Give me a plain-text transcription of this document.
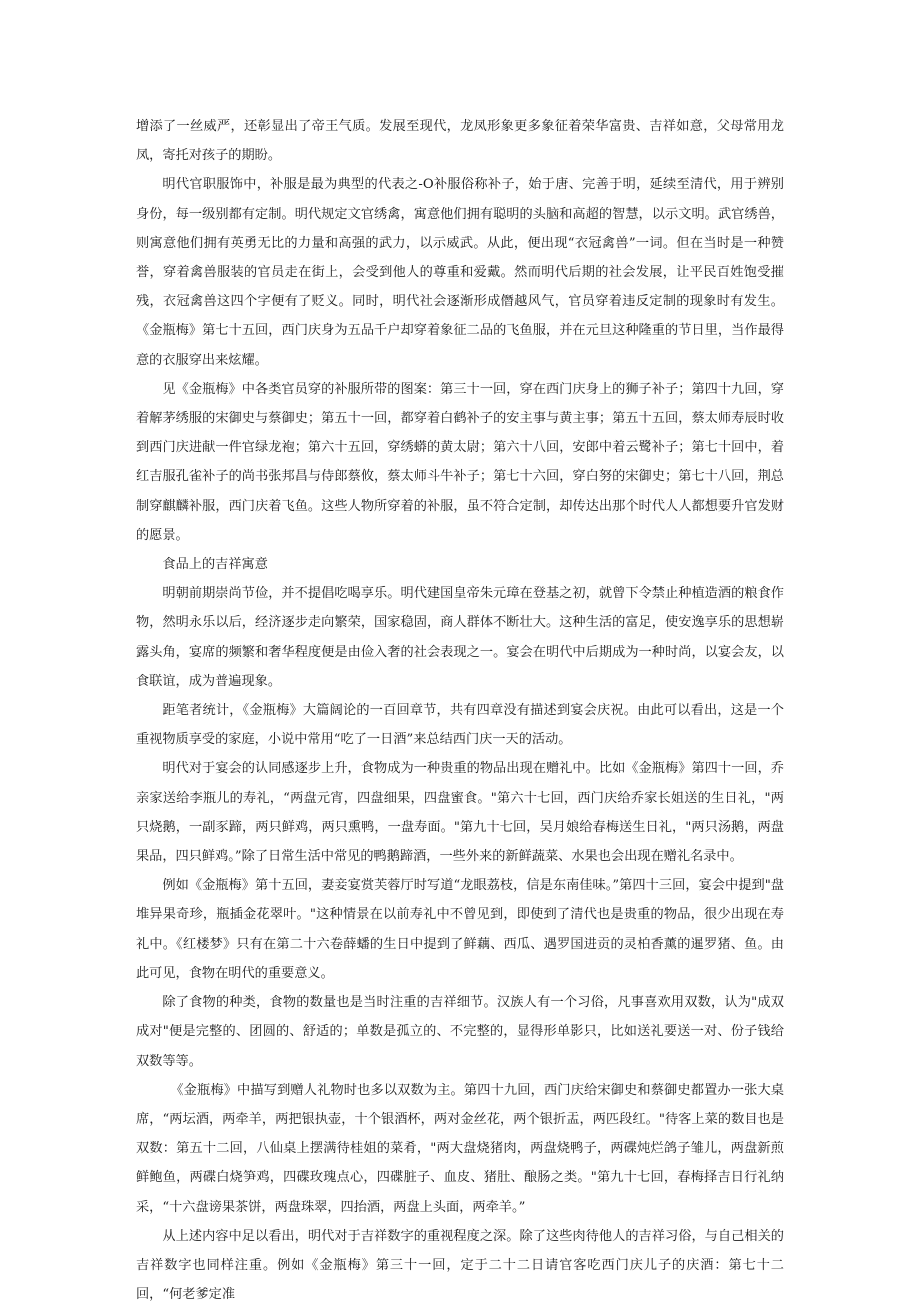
增添了一丝威严，还彰显出了帝王气质。发展至现代，龙凤形象更多象征着荣华富贵、吉祥如意，父母常用龙凤，寄托对孩子的期盼。

明代官职服饰中，补服是最为典型的代表之-O补服俗称补子，始于唐、完善于明，延续至清代，用于辨别身份，每一级别都有定制。明代规定文官绣禽，寓意他们拥有聪明的头脑和高超的智慧，以示文明。武官绣兽，则寓意他们拥有英勇无比的力量和高强的武力，以示威武。从此，便出现“衣冠禽兽”一词。但在当时是一种赞誉，穿着禽兽服装的官员走在街上，会受到他人的尊重和爱戴。然而明代后期的社会发展，让平民百姓饱受摧残，衣冠禽兽这四个字便有了贬义。同时，明代社会逐渐形成僭越风气，官员穿着违反定制的现象时有发生。《金瓶梅》第七十五回，西门庆身为五品千户却穿着象征二品的飞鱼服，并在元旦这种隆重的节日里，当作最得意的衣服穿出来炫耀。

见《金瓶梅》中各类官员穿的补服所带的图案：第三十一回，穿在西门庆身上的狮子补子；第四十九回，穿着解茅绣服的宋御史与蔡御史；第五十一回，都穿着白鹤补子的安主事与黄主事；第五十五回，蔡太师寿辰时收到西门庆进献一件官绿龙袍；第六十五回，穿绣蟒的黄太尉；第六十八回，安郎中着云鹭补子；第七十回中，着红吉服孔雀补子的尚书张邦昌与侍郎蔡攸，蔡太师斗牛补子；第七十六回，穿白努的宋御史；第七十八回，荆总制穿麒麟补服，西门庆着飞鱼。这些人物所穿着的补服，虽不符合定制，却传达出那个时代人人都想要升官发财的愿景。

食品上的吉祥寓意

明朝前期崇尚节俭，并不提倡吃喝享乐。明代建国皇帝朱元璋在登基之初，就曾下令禁止种植造酒的粮食作物，然明永乐以后，经济逐步走向繁荣，国家稳固，商人群体不断壮大。这种生活的富足，使安逸享乐的思想崭露头角，宴席的频繁和奢华程度便是由俭入奢的社会表现之一。宴会在明代中后期成为一种时尚，以宴会友，以食联谊，成为普遍现象。

距笔者统计，《金瓶梅》大篇阔论的一百回章节，共有四章没有描述到宴会庆祝。由此可以看出，这是一个重视物质享受的家庭，小说中常用“吃了一日酒”来总结西门庆一天的活动。

明代对于宴会的认同感逐步上升，食物成为一种贵重的物品出现在赠礼中。比如《金瓶梅》第四十一回，乔亲家送给李瓶儿的寿礼，“两盘元宵，四盘细果，四盘蜜食。"第六十七回，西门庆给乔家长姐送的生日礼，"两只烧鹅，一副豕蹄，两只鲜鸡，两只熏鸭，一盘寿面。"第九十七回，吴月娘给春梅送生日礼，"两只汤鹅，两盘果品，四只鲜鸡。”除了日常生活中常见的鸭鹅蹄酒，一些外来的新鲜蔬菜、水果也会出现在赠礼名录中。

例如《金瓶梅》第十五回，妻妾宴赏芙蓉厅时写道“龙眼荔枝，信是东南佳味。”第四十三回，宴会中提到"盘堆异果奇珍，瓶插金花翠叶。"这种情景在以前寿礼中不曾见到，即使到了清代也是贵重的物品，很少出现在寿礼中。《红楼梦》只有在第二十六卷薛蟠的生日中提到了鲜藕、西瓜、遇罗国进贡的灵柏香薰的暹罗猪、鱼。由此可见，食物在明代的重要意义。

除了食物的种类，食物的数量也是当时注重的吉祥细节。汉族人有一个习俗，凡事喜欢用双数，认为"成双成对"便是完整的、团圆的、舒适的；单数是孤立的、不完整的，显得形单影只，比如送礼要送一对、份子钱给双数等等。

《金瓶梅》中描写到赠人礼物时也多以双数为主。第四十九回，西门庆给宋御史和蔡御史都置办一张大桌席，“两坛酒，两牵羊，两把银执壶，十个银酒杯，两对金丝花，两个银折盂，两匹段红。"待客上菜的数目也是双数：第五十二回，八仙桌上摆满待桂姐的菜肴，"两大盘烧猪肉，两盘烧鸭子，两碟炖烂鸽子雏儿，两盘新煎鲜鲍鱼，两碟白烧笋鸡，四碟玫瑰点心，四碟脏子、血皮、猪肚、酿肠之类。"第九十七回，春梅择吉日行礼纳采，“十六盘谤果茶饼，两盘珠翠，四抬酒，两盘上头面，两牵羊。”

从上述内容中足以看出，明代对于吉祥数字的重视程度之深。除了这些肉待他人的吉祥习俗，与自己相关的吉祥数字也同样注重。例如《金瓶梅》第三十一回，定于二十二日请官客吃西门庆儿子的庆酒：第七十二回，“何老爹定准
